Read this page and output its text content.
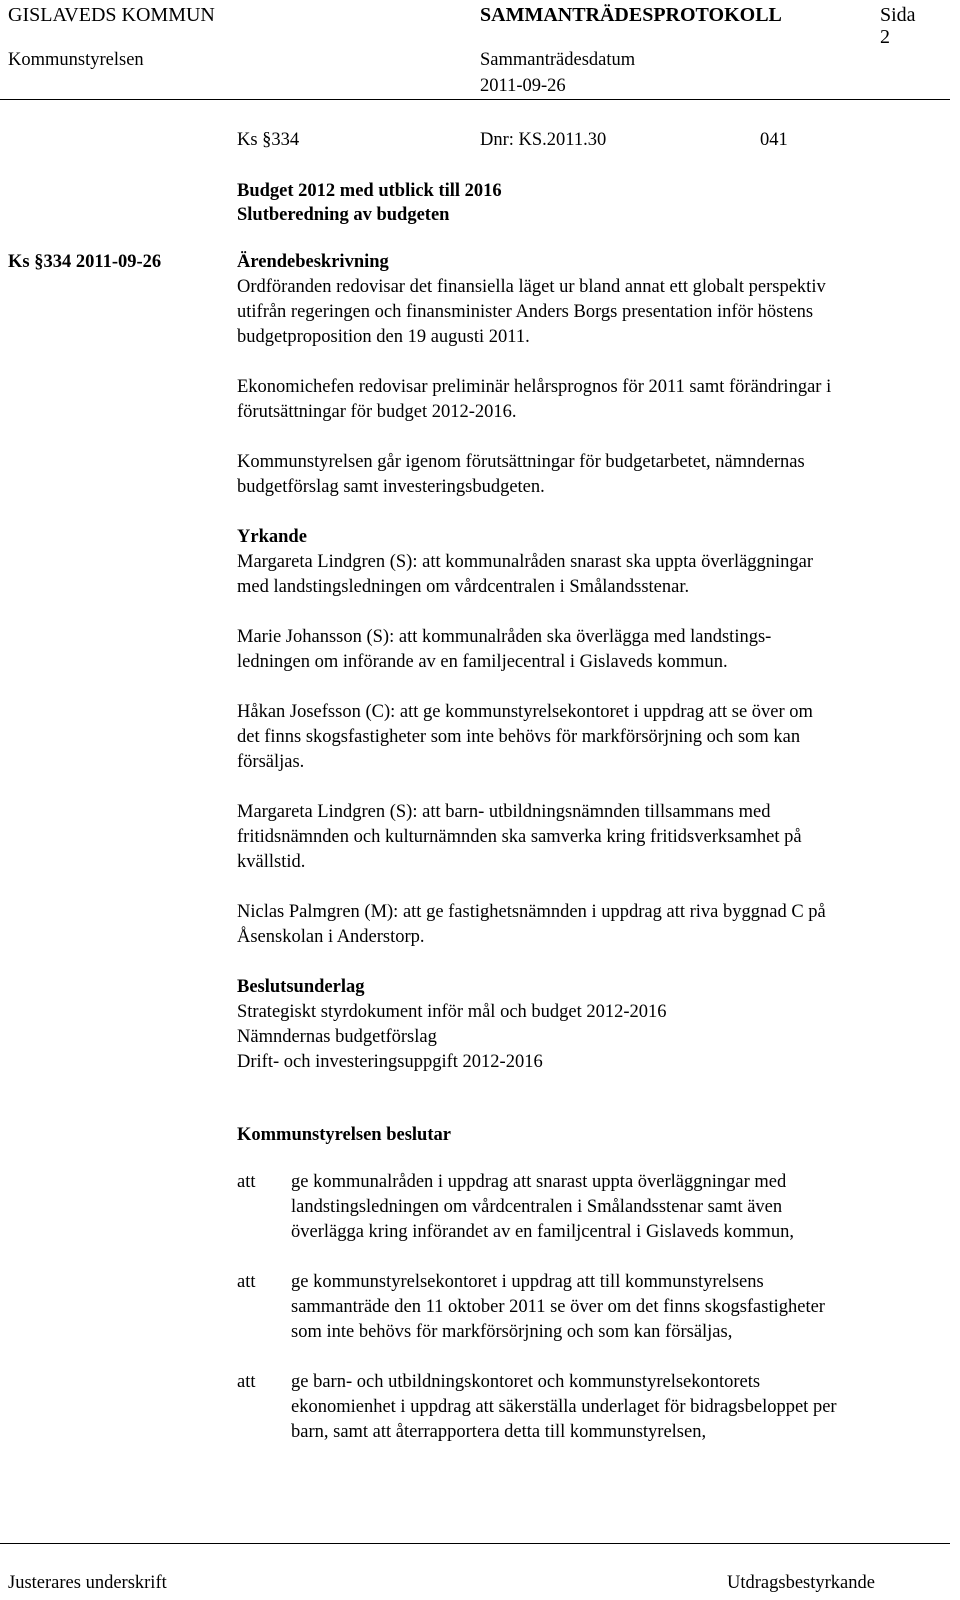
GISLAVEDS KOMMUN	SAMMANTRÄDESPROTOKOLL	Sida
2
Kommunstyrelsen	Sammanträdesdatum
2011-09-26
Ks §334	Dnr: KS.2011.30	041
Budget 2012 med utblick till 2016
Slutberedning av budgeten
Ks §334 2011-09-26	Ärendebeskrivning

Ordföranden redovisar det finansiella läget ur bland annat ett globalt perspektiv
utifrån regeringen och finansminister Anders Borgs presentation inför höstens
budgetproposition den 19 augusti 2011.

Ekonomichefen redovisar preliminär helårsprognos för 2011 samt förändringar i
förutsättningar för budget 2012-2016.

Kommunstyrelsen går igenom förutsättningar för budgetarbetet, nämndernas
budgetförslag samt investeringsbudgeten.

Yrkande

Margareta Lindgren (S): att kommunalråden snarast ska uppta överläggningar
med landstingsledningen om vårdcentralen i Smålandsstenar.

Marie Johansson (S): att kommunalråden ska överlägga med landstings-
ledningen om införande av en familjecentral i Gislaveds kommun.

Håkan Josefsson (C): att ge kommunstyrelsekontoret i uppdrag att se över om
det finns skogsfastigheter som inte behövs för markförsörjning och som kan
försäljas.

Margareta Lindgren (S): att barn- utbildningsnämnden tillsammans med
fritidsnämnden och kulturnämnden ska samverka kring fritidsverksamhet på
kvällstid.

Niclas Palmgren (M): att ge fastighetsnämnden i uppdrag att riva byggnad C på
Åsenskolan i Anderstorp.

Beslutsunderlag

Strategiskt styrdokument inför mål och budget 2012-2016
Nämndernas budgetförslag
Drift- och investeringsuppgift 2012-2016

Kommunstyrelsen beslutar
att ge kommunalråden i uppdrag att snarast uppta överläggningar med
landstingsledningen om vårdcentralen i Smålandsstenar samt även
överlägga kring införandet av en familjcentral i Gislaveds kommun,
att ge kommunstyrelsekontoret i uppdrag att till kommunstyrelsens
sammanträde den 11 oktober 2011 se över om det finns skogsfastigheter
som inte behövs för markförsörjning och som kan försäljas,
att ge barn- och utbildningskontoret och kommunstyrelsekontorets
ekonomienhet i uppdrag att säkerställa underlaget för bidragsbeloppet per
barn, samt att återrapportera detta till kommunstyrelsen,
Justerares underskrift	Utdragsbestyrkande
